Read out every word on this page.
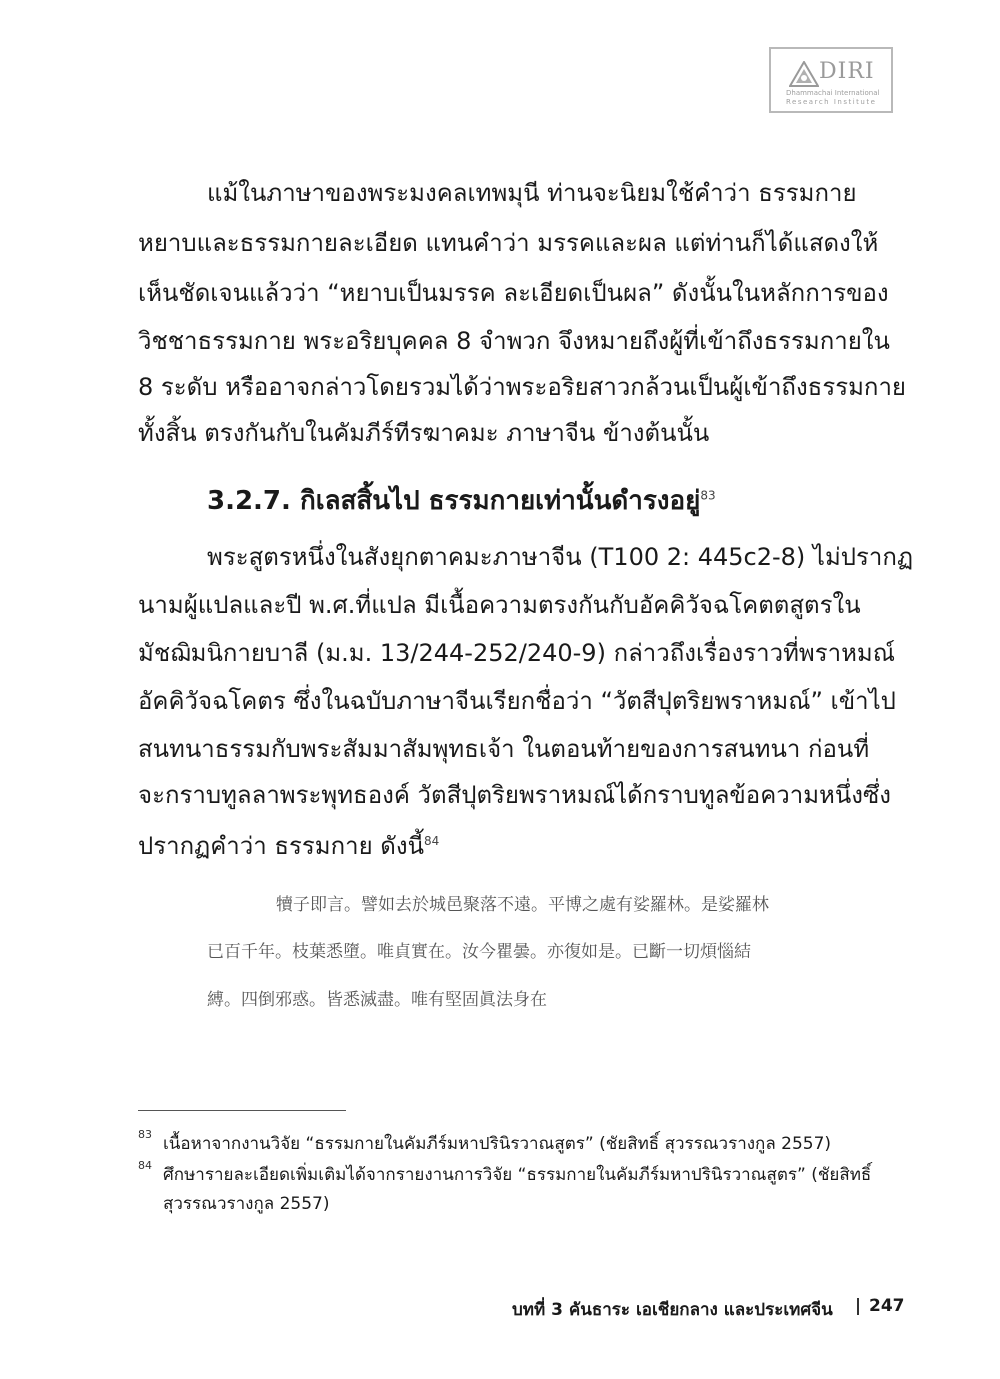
DIRI
Dhammachai International
Research Institute
แม้ในภาษาของพระมงคลเทพมุนี ท่านจะนิยมใช้คำว่า ธรรมกาย
หยาบและธรรมกายละเอียด แทนคำว่า มรรคและผล แต่ท่านก็ได้แสดงให้
เห็นชัดเจนแล้วว่า “หยาบเป็นมรรค ละเอียดเป็นผล” ดังนั้นในหลักการของ
วิชชาธรรมกาย พระอริยบุคคล 8 จำพวก จึงหมายถึงผู้ที่เข้าถึงธรรมกายใน
8 ระดับ หรืออาจกล่าวโดยรวมได้ว่าพระอริยสาวกล้วนเป็นผู้เข้าถึงธรรมกาย
ทั้งสิ้น ตรงกันกับในคัมภีร์ทีรฆาคมะ ภาษาจีน ข้างต้นนั้น
3.2.7. กิเลสสิ้นไป ธรรมกายเท่านั้นดำรงอยู่$^{83}$
พระสูตรหนึ่งในสังยุกตาคมะภาษาจีน (T100 2: 445c2-8) ไม่ปรากฏ
นามผู้แปลและปี พ.ศ.ที่แปล มีเนื้อความตรงกันกับอัคคิวัจฉโคตตสูตรใน
มัชฌิมนิกายบาลี (ม.ม. 13/244-252/240-9) กล่าวถึงเรื่องราวที่พราหมณ์
อัคคิวัจฉโคตร ซึ่งในฉบับภาษาจีนเรียกชื่อว่า “วัตสีปุตริยพราหมณ์” เข้าไป
สนทนาธรรมกับพระสัมมาสัมพุทธเจ้า ในตอนท้ายของการสนทนา ก่อนที่
จะกราบทูลลาพระพุทธองค์ วัตสีปุตริยพราหมณ์ได้กราบทูลข้อความหนึ่งซึ่ง
ปรากฏคำว่า ธรรมกาย ดังนี้$^{84}$
犢子即言。譬如去於城邑聚落不遠。平博之處有娑羅林。是娑羅林
已百千年。枝葉悉墮。唯貞實在。汝今瞿曇。亦復如是。已斷一切煩惱結
縛。四倒邪惑。皆悉滅盡。唯有堅固眞法身在
83 เนื้อหาจากงานวิจัย “ธรรมกายในคัมภีร์มหาปรินิรวาณสูตร” (ชัยสิทธิ์ สุวรรณวรางกูล 2557)
84 ศึกษารายละเอียดเพิ่มเติมได้จากรายงานการวิจัย “ธรรมกายในคัมภีร์มหาปรินิรวาณสูตร” (ชัยสิทธิ์
สุวรรณวรางกูล 2557)
บทที่ 3 คันธาระ เอเชียกลาง และประเทศจีน 247
